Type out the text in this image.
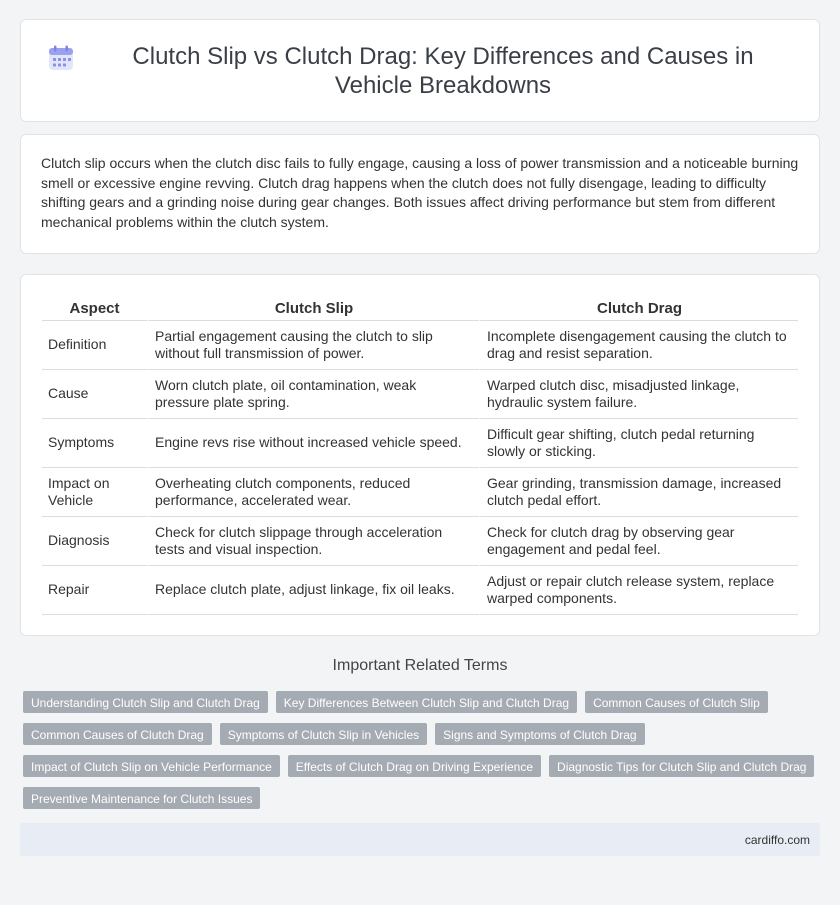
Clutch Slip vs Clutch Drag: Key Differences and Causes in Vehicle Breakdowns
Clutch slip occurs when the clutch disc fails to fully engage, causing a loss of power transmission and a noticeable burning smell or excessive engine revving. Clutch drag happens when the clutch does not fully disengage, leading to difficulty shifting gears and a grinding noise during gear changes. Both issues affect driving performance but stem from different mechanical problems within the clutch system.
Aspect	Clutch Slip	Clutch Drag
Definition	Partial engagement causing the clutch to slip without full transmission of power.	Incomplete disengagement causing the clutch to drag and resist separation.
Cause	Worn clutch plate, oil contamination, weak pressure plate spring.	Warped clutch disc, misadjusted linkage, hydraulic system failure.
Symptoms	Engine revs rise without increased vehicle speed.	Difficult gear shifting, clutch pedal returning slowly or sticking.
Impact on Vehicle	Overheating clutch components, reduced performance, accelerated wear.	Gear grinding, transmission damage, increased clutch pedal effort.
Diagnosis	Check for clutch slippage through acceleration tests and visual inspection.	Check for clutch drag by observing gear engagement and pedal feel.
Repair	Replace clutch plate, adjust linkage, fix oil leaks.	Adjust or repair clutch release system, replace warped components.
Important Related Terms
Understanding Clutch Slip and Clutch Drag	Key Differences Between Clutch Slip and Clutch Drag	Common Causes of Clutch Slip
Common Causes of Clutch Drag	Symptoms of Clutch Slip in Vehicles	Signs and Symptoms of Clutch Drag
Impact of Clutch Slip on Vehicle Performance	Effects of Clutch Drag on Driving Experience	Diagnostic Tips for Clutch Slip and Clutch Drag
Preventive Maintenance for Clutch Issues
cardiffo.com
